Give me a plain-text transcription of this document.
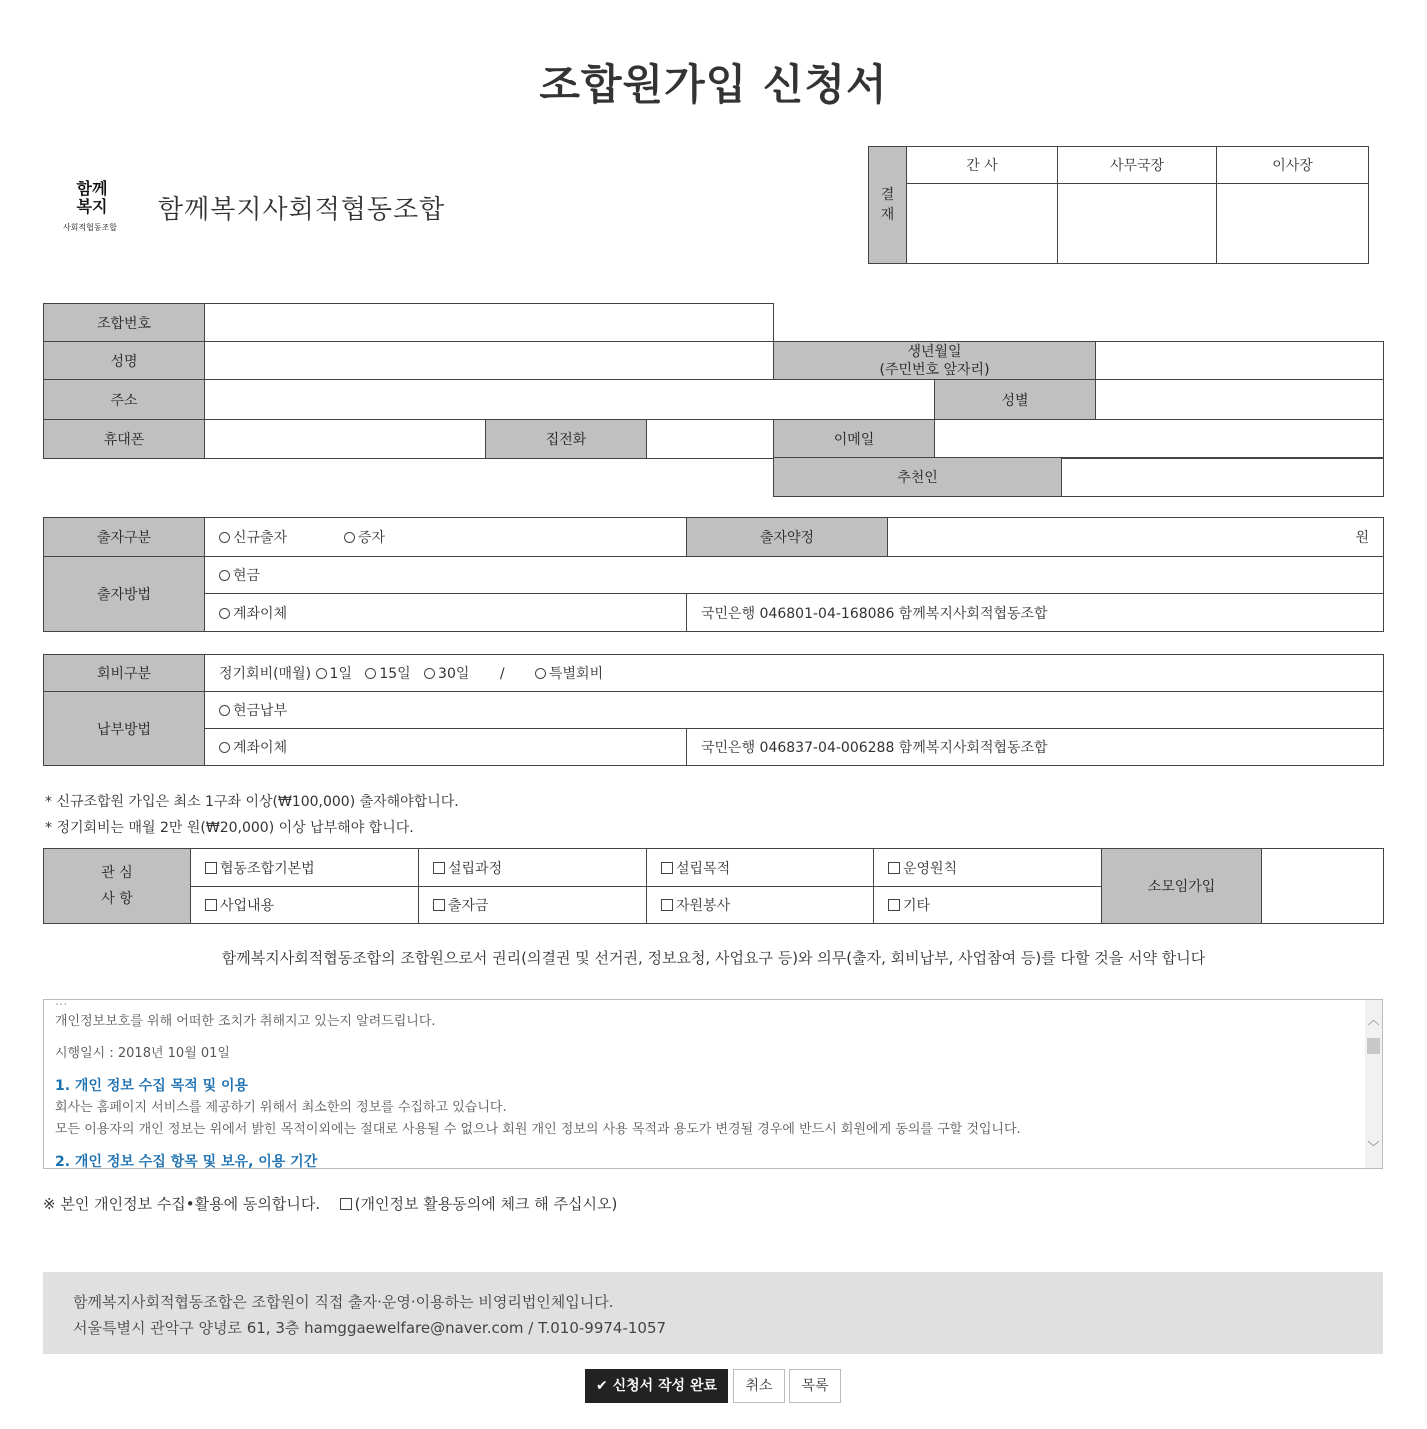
조합원가입 신청서
함께
복지
사회적협동조합
함께복지사회적협동조합	결
재	간 사	사무국장	이사장

조합번호						
성명				생년월일
(주민번호 앞자리)		
주소					성별	
휴대폰		집전화		이메일		
추천인	
출자구분	신규출자 증자	출자약정	원
출자방법	현금		
	계좌이체	국민은행 046801-04-168086 함께복지사회적협동조합	
회비구분	정기회비(매월) 1일 15일 30일 / 특별회비	
납부방법	현금납부	
	계좌이체	국민은행 046837-04-006288 함께복지사회적협동조합
* 신규조합원 가입은 최소 1구좌 이상(₩100,000) 출자해야합니다.
* 정기회비는 매월 2만 원(₩20,000) 이상 납부해야 합니다.
관 심
사 항	협동조합기본법	설립과정	설립목적	운영원칙	소모임가입	
	사업내용	출자금	자원봉사	기타		
함께복지사회적협동조합의 조합원으로서 권리(의결권 및 선거권, 정보요청, 사업요구 등)와 의무(출자, 회비납부, 사업참여 등)를 다할 것을 서약 합니다

...

개인정보보호를 위해 어떠한 조치가 취해지고 있는지 알려드립니다.

시행일시 : 2018년 10월 01일

1. 개인 정보 수집 목적 및 이용
회사는 홈페이지 서비스를 제공하기 위해서 최소한의 정보를 수집하고 있습니다.

모든 이용자의 개인 정보는 위에서 밝힌 목적이외에는 절대로 사용될 수 없으나 회원 개인 정보의 사용 목적과 용도가 변경될 경우에 반드시 회원에게 동의를 구할 것입니다.

2. 개인 정보 수집 항목 및 보유, 이용 기간
︿
﹀
※ 본인 개인정보 수집•활용에 동의합니다. (개인정보 활용동의에 체크 해 주십시오)
함께복지사회적협동조합은 조합원이 직접 출자·운영·이용하는 비영리법인체입니다.
서울특별시 관악구 양녕로 61, 3층 hamggaewelfare@naver.com / T.010-9974-1057
✔ 신청서 작성 완료	취소	목록
